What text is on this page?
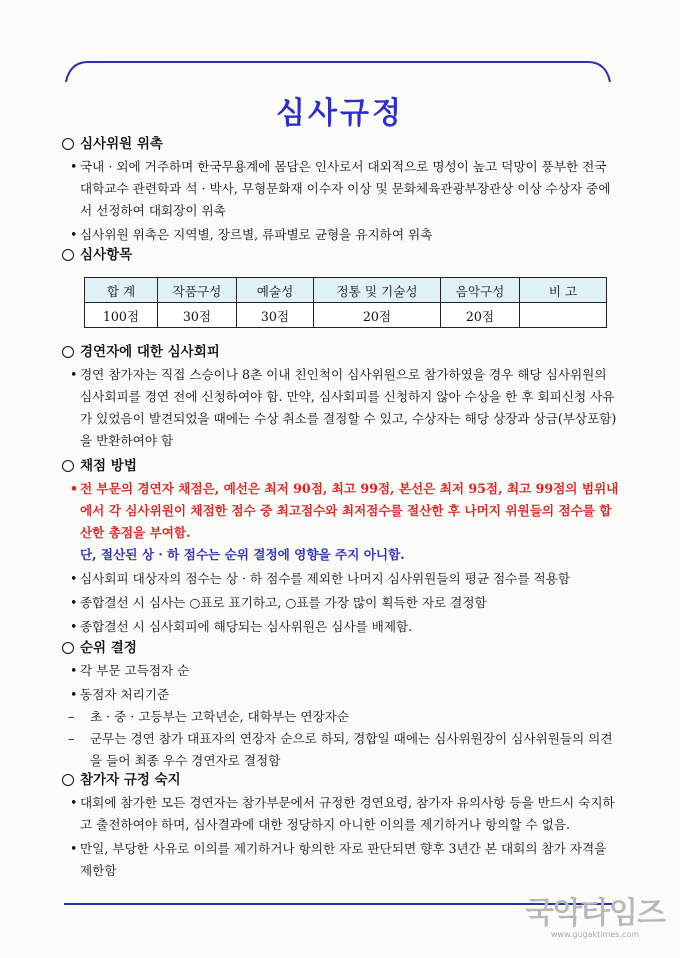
심사규정

심사위원 위촉

• 국내 · 외에 거주하며 한국무용계에 몸담은 인사로서 대외적으로 명성이 높고 덕망이 풍부한 전국 대학교수 관련학과 석 · 박사, 무형문화재 이수자 이상 및 문화체육관광부장관상 이상 수상자 중에서 선정하여 대회장이 위촉

• 심사위원 위촉은 지역별, 장르별, 류파별로 균형을 유지하여 위촉

심사항목

합 계	작품구성	예술성	정통 및 기술성	음악구성	비 고
100점	30점	30점	20점	20점	

경연자에 대한 심사회피

• 경연 참가자는 직접 스승이나 8촌 이내 친인척이 심사위원으로 참가하였을 경우 해당 심사위원의 심사회피를 경연 전에 신청하여야 함. 만약, 심사회피를 신청하지 않아 수상을 한 후 회피신청 사유가 있었음이 발견되었을 때에는 수상 취소를 결정할 수 있고, 수상자는 해당 상장과 상금(부상포함)을 반환하여야 함

채점 방법

• 전 부문의 경연자 채점은, 예선은 최저 90점, 최고 99점, 본선은 최저 95점, 최고 99점의 범위내에서 각 심사위원이 채점한 점수 중 최고점수와 최저점수를 절산한 후 나머지 위원들의 점수를 합산한 총점을 부여함.

단, 절산된 상 · 하 점수는 순위 결정에 영향을 주지 아니함.

• 심사회피 대상자의 점수는 상 · 하 점수를 제외한 나머지 심사위원들의 평균 점수를 적용함

• 종합결선 시 심사는 ○표로 표기하고, ○표를 가장 많이 획득한 자로 결정함

• 종합결선 시 심사회피에 해당되는 심사위원은 심사를 배제함.

순위 결정

• 각 부문 고득점자 순

• 동점자 처리기준

– 초 · 중 · 고등부는 고학년순, 대학부는 연장자순

– 군무는 경연 참가 대표자의 연장자 순으로 하되, 경합일 때에는 심사위원장이 심사위원들의 의견을 들어 최종 우수 경연자로 결정함

참가자 규정 숙지

• 대회에 참가한 모든 경연자는 참가부문에서 규정한 경연요령, 참가자 유의사항 등을 반드시 숙지하고 출전하여야 하며, 심사결과에 대한 정당하지 아니한 이의를 제기하거나 항의할 수 없음.

• 만일, 부당한 사유로 이의를 제기하거나 항의한 자로 판단되면 향후 3년간 본 대회의 참가 자격을 제한함

국악타임즈
www.gugaktimes.com
